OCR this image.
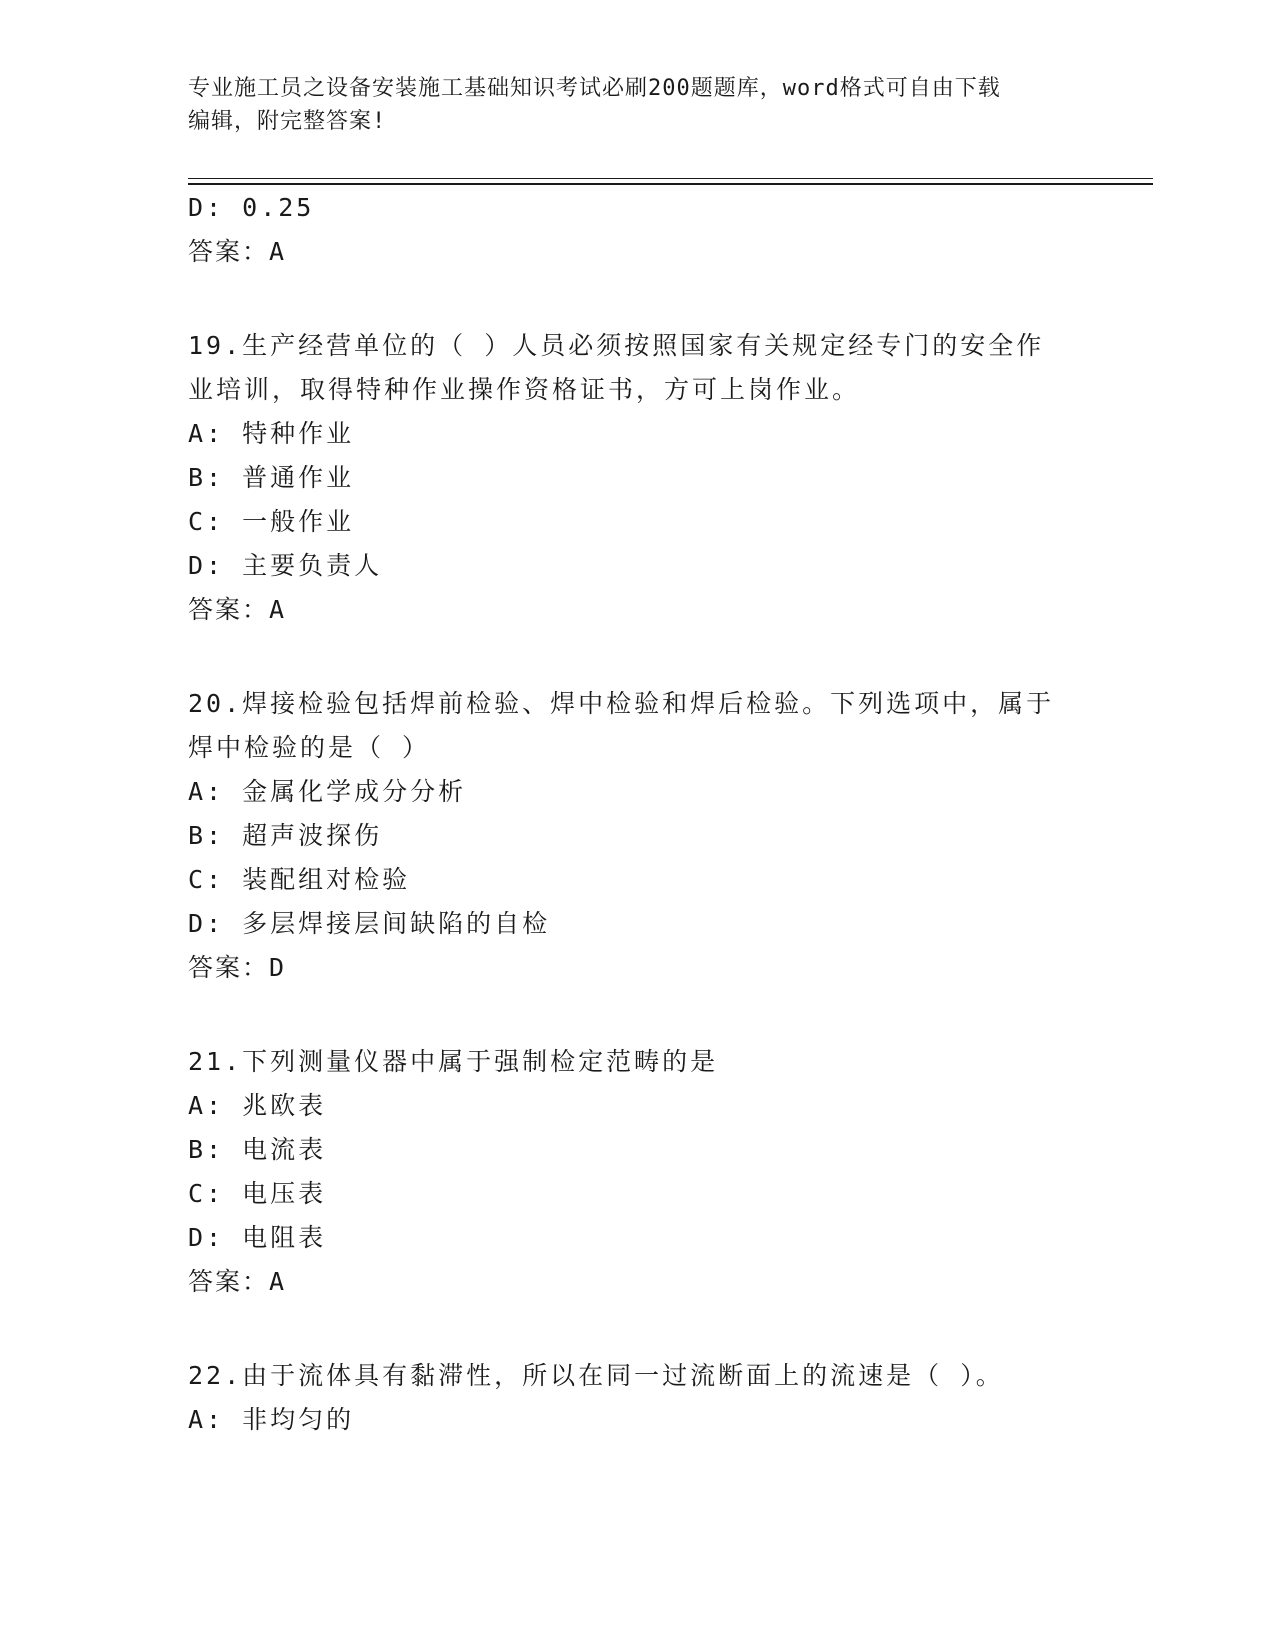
专业施工员之设备安装施工基础知识考试必刷200题题库，word格式可自由下载
编辑，附完整答案!
D: 0.25
答案：A
19.生产经营单位的（ ）人员必须按照国家有关规定经专门的安全作
业培训，取得特种作业操作资格证书，方可上岗作业。
A: 特种作业
B: 普通作业
C: 一般作业
D: 主要负责人
答案：A
20.焊接检验包括焊前检验、焊中检验和焊后检验。下列选项中，属于
焊中检验的是（ ）
A: 金属化学成分分析
B: 超声波探伤
C: 装配组对检验
D: 多层焊接层间缺陷的自检
答案：D
21.下列测量仪器中属于强制检定范畴的是
A: 兆欧表
B: 电流表
C: 电压表
D: 电阻表
答案：A
22.由于流体具有黏滞性，所以在同一过流断面上的流速是（ ）。
A: 非均匀的
